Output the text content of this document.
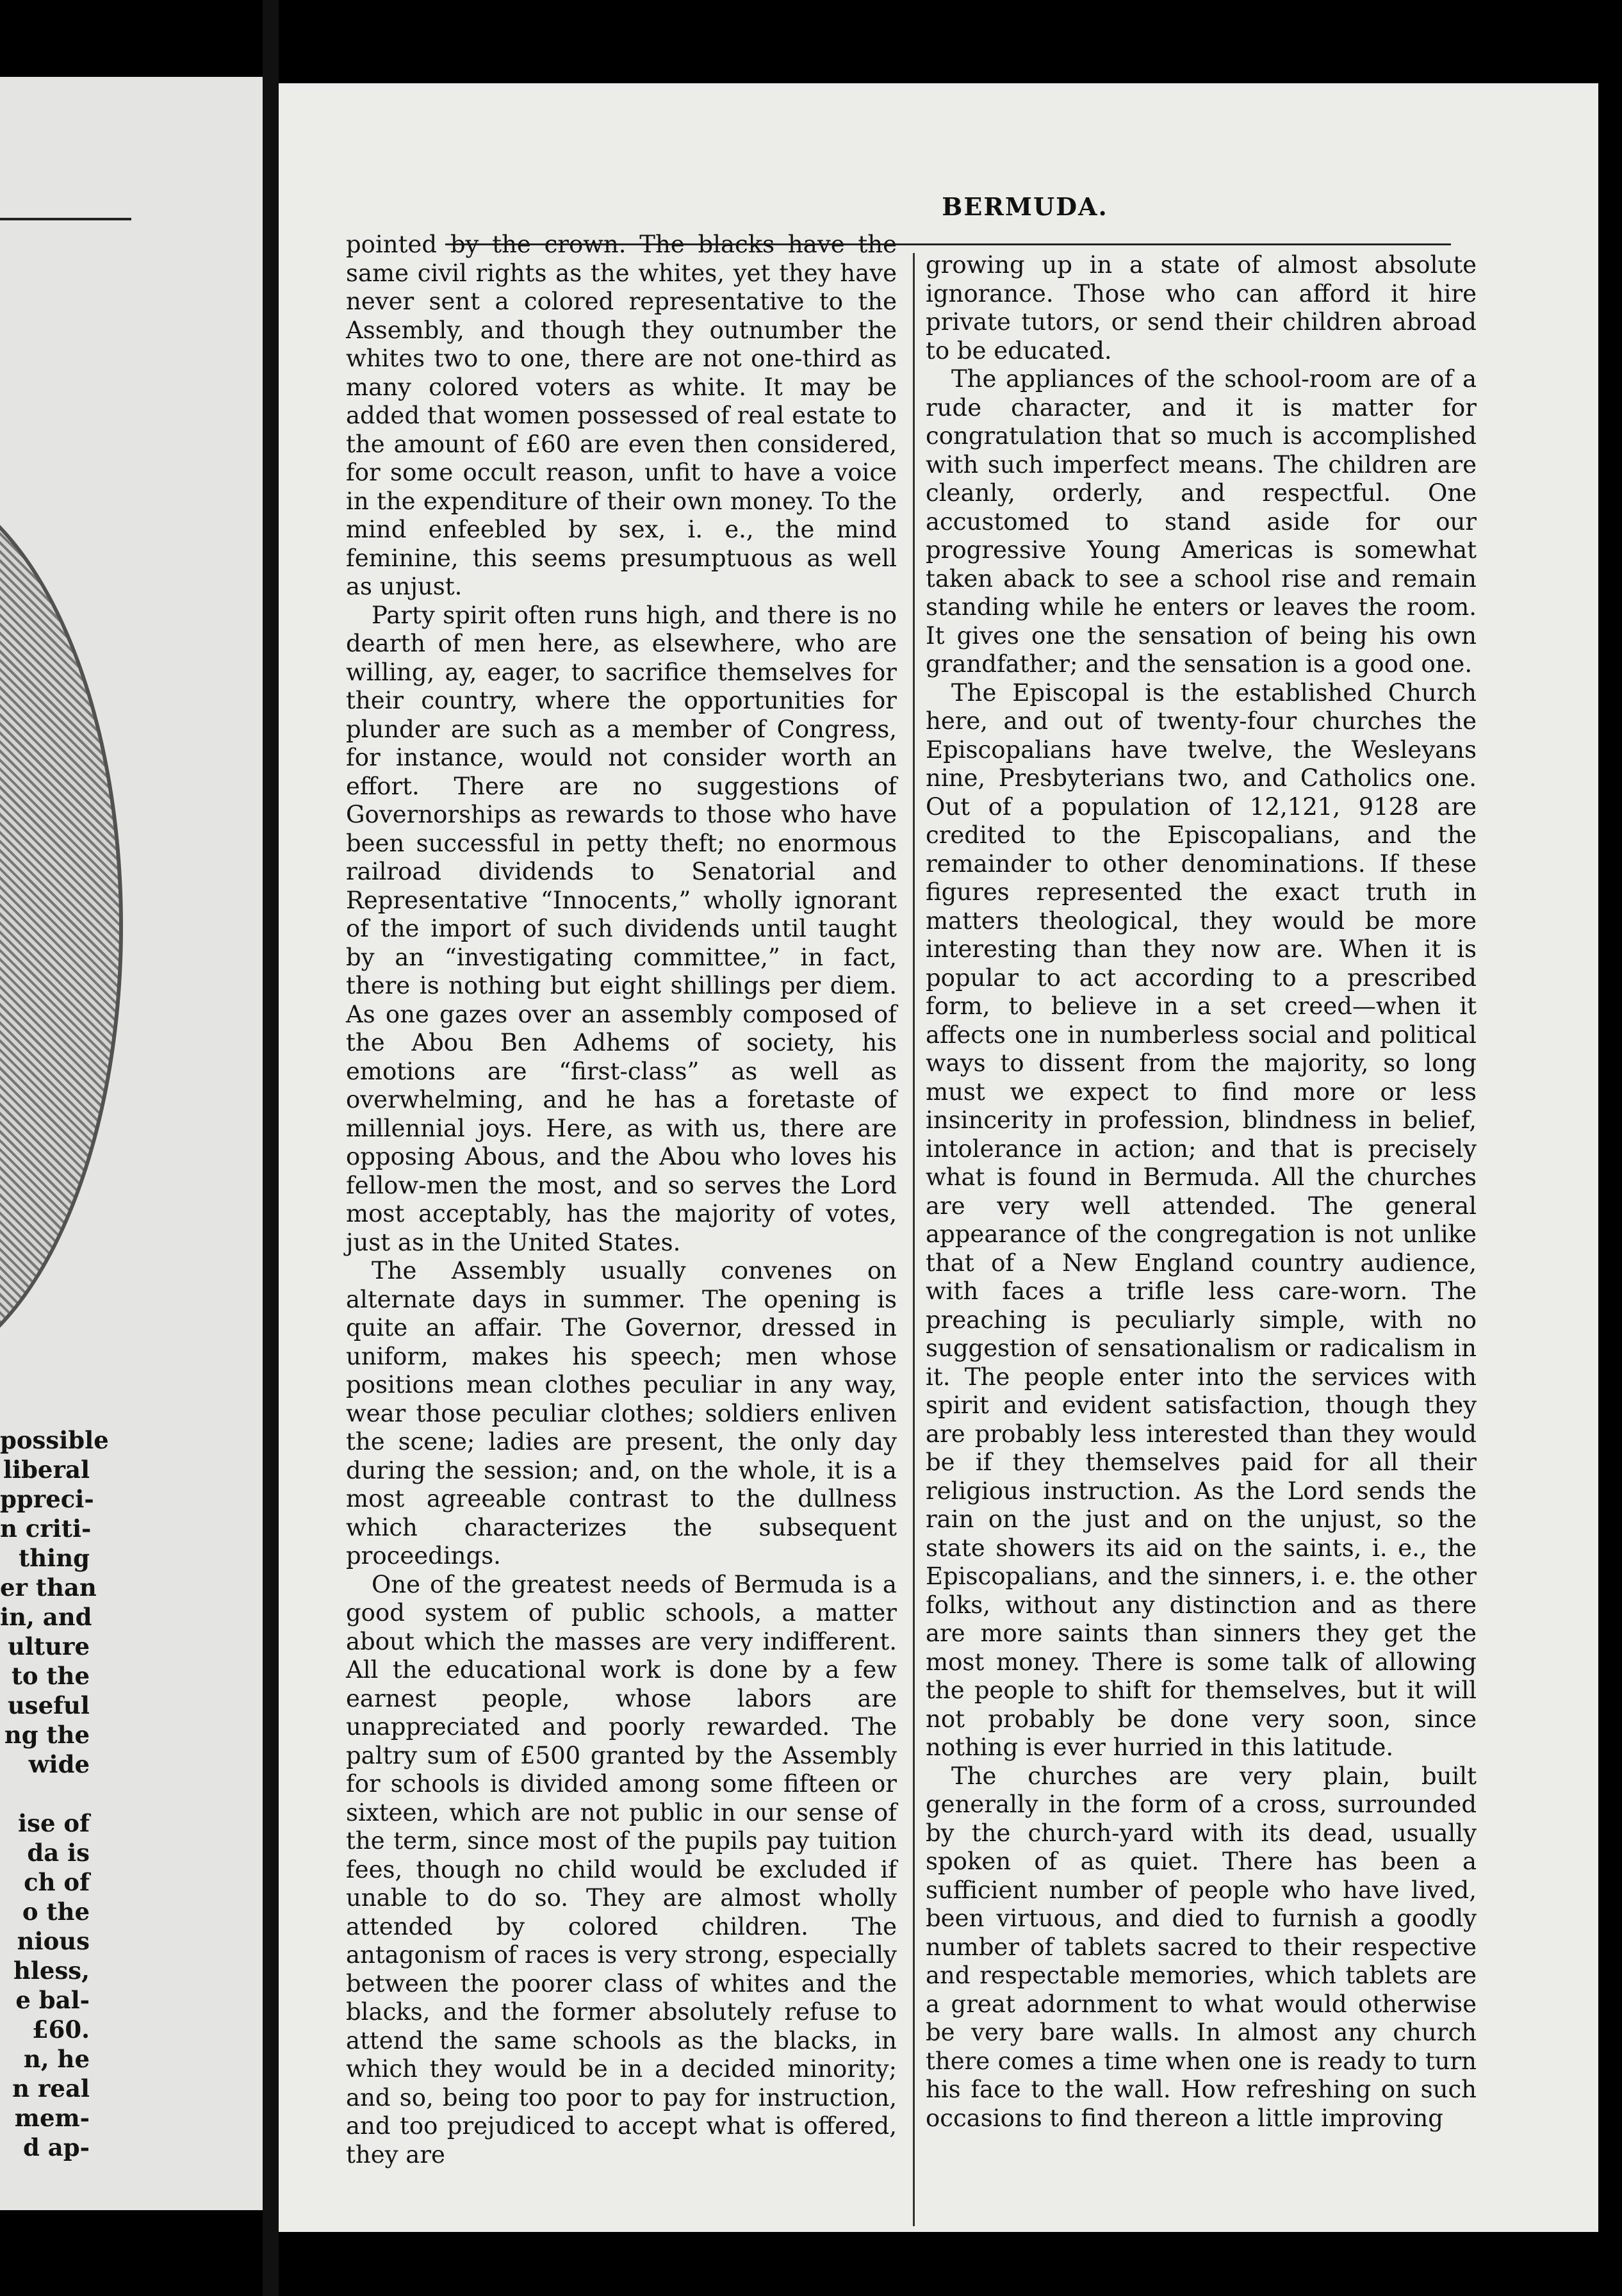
possible
liberal
ppreci-
n criti-
thing
er than
in, and
ulture
to the
useful
ng the
wide

ise of
da is
ch of
o the
nious
hless,
e bal-
£60.
n, he
n real
mem-
d ap-
BERMUDA.

pointed by the crown. The blacks have the same civil rights as the whites, yet they have never sent a colored representative to the Assembly, and though they outnumber the whites two to one, there are not one-third as many colored voters as white. It may be added that women possessed of real estate to the amount of £60 are even then considered, for some occult reason, unfit to have a voice in the expenditure of their own money. To the mind enfeebled by sex, i. e., the mind feminine, this seems presumptuous as well as unjust.

Party spirit often runs high, and there is no dearth of men here, as elsewhere, who are willing, ay, eager, to sacrifice themselves for their country, where the opportunities for plunder are such as a member of Congress, for instance, would not consider worth an effort. There are no suggestions of Governorships as rewards to those who have been successful in petty theft; no enormous railroad dividends to Senatorial and Representative “Innocents,” wholly ignorant of the import of such dividends until taught by an “investigating committee,” in fact, there is nothing but eight shillings per diem. As one gazes over an assembly composed of the Abou Ben Adhems of society, his emotions are “first-class” as well as overwhelming, and he has a foretaste of millennial joys. Here, as with us, there are opposing Abous, and the Abou who loves his fellow-men the most, and so serves the Lord most acceptably, has the majority of votes, just as in the United States.

The Assembly usually convenes on alternate days in summer. The opening is quite an affair. The Governor, dressed in uniform, makes his speech; men whose positions mean clothes peculiar in any way, wear those peculiar clothes; soldiers enliven the scene; ladies are present, the only day during the session; and, on the whole, it is a most agreeable contrast to the dullness which characterizes the subsequent proceedings.

One of the greatest needs of Bermuda is a good system of public schools, a matter about which the masses are very indifferent. All the educational work is done by a few earnest people, whose labors are unappreciated and poorly rewarded. The paltry sum of £500 granted by the Assembly for schools is divided among some fifteen or sixteen, which are not public in our sense of the term, since most of the pupils pay tuition fees, though no child would be excluded if unable to do so. They are almost wholly attended by colored children. The antagonism of races is very strong, especially between the poorer class of whites and the blacks, and the former absolutely refuse to attend the same schools as the blacks, in which they would be in a decided minority; and so, being too poor to pay for instruction, and too prejudiced to accept what is offered, they are

growing up in a state of almost absolute ignorance. Those who can afford it hire private tutors, or send their children abroad to be educated.

The appliances of the school-room are of a rude character, and it is matter for congratulation that so much is accomplished with such imperfect means. The children are cleanly, orderly, and respectful. One accustomed to stand aside for our progressive Young Americas is somewhat taken aback to see a school rise and remain standing while he enters or leaves the room. It gives one the sensation of being his own grandfather; and the sensation is a good one.

The Episcopal is the established Church here, and out of twenty-four churches the Episcopalians have twelve, the Wesleyans nine, Presbyterians two, and Catholics one. Out of a population of 12,121, 9128 are credited to the Episcopalians, and the remainder to other denominations. If these figures represented the exact truth in matters theological, they would be more interesting than they now are. When it is popular to act according to a prescribed form, to believe in a set creed—when it affects one in numberless social and political ways to dissent from the majority, so long must we expect to find more or less insincerity in profession, blindness in belief, intolerance in action; and that is precisely what is found in Bermuda. All the churches are very well attended. The general appearance of the congregation is not unlike that of a New England country audience, with faces a trifle less care-worn. The preaching is peculiarly simple, with no suggestion of sensationalism or radicalism in it. The people enter into the services with spirit and evident satisfaction, though they are probably less interested than they would be if they themselves paid for all their religious instruction. As the Lord sends the rain on the just and on the unjust, so the state showers its aid on the saints, i. e., the Episcopalians, and the sinners, i. e. the other folks, without any distinction and as there are more saints than sinners they get the most money. There is some talk of allowing the people to shift for themselves, but it will not probably be done very soon, since nothing is ever hurried in this latitude.

The churches are very plain, built generally in the form of a cross, surrounded by the church-yard with its dead, usually spoken of as quiet. There has been a sufficient number of people who have lived, been virtuous, and died to furnish a goodly number of tablets sacred to their respective and respectable memories, which tablets are a great adornment to what would otherwise be very bare walls. In almost any church there comes a time when one is ready to turn his face to the wall. How refreshing on such occasions to find thereon a little improving
